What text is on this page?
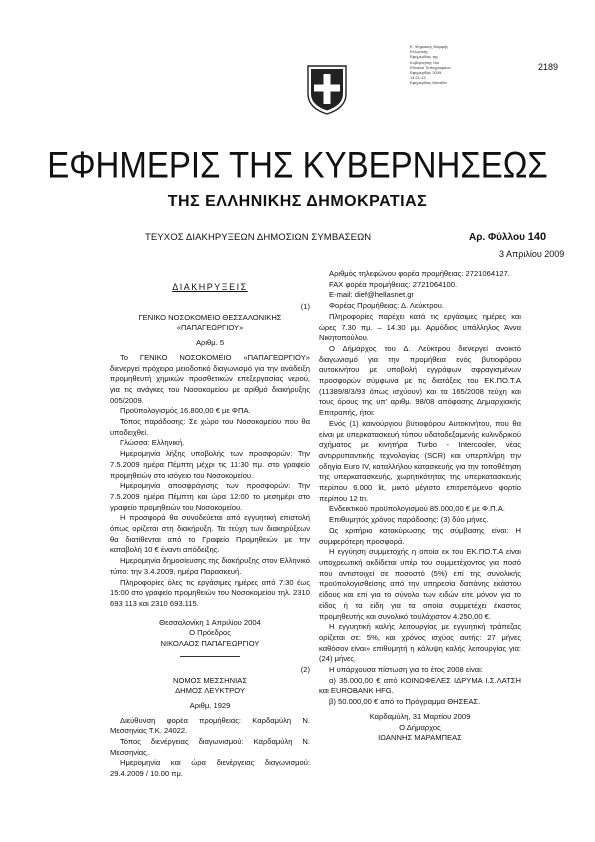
Ε. Ψηφιακής Μορφής
Ελληνικής
Εφημερίδας της
Κυβέρνησης του
Εθνικού Τυπογραφείου
Εφημερίδας 2009-
14:21:13
Εφημερίδας Μονάδα
2189
ΕΦΗΜΕΡΙΣ ΤΗΣ ΚΥΒΕΡΝΗΣΕΩΣ
ΤΗΣ ΕΛΛΗΝΙΚΗΣ ΔΗΜΟΚΡΑΤΙΑΣ
ΤΕΥΧΟΣ ΔΙΑΚΗΡΥΞΕΩΝ ΔΗΜΟΣΙΩΝ ΣΥΜΒΑΣΕΩΝ	Αρ. Φύλλου 140
3 Απριλίου 2009
ΔΙΑΚΗΡΥΞΕΙΣ

(1)

ΓΕΝΙΚΟ ΝΟΣΟΚΟΜΕΙΟ ΘΕΣΣΑΛΟΝΙΚΗΣ

«ΠΑΠΑΓΕΩΡΓΙΟΥ»

Αριθμ. 5

Το ΓΕΝΙΚΟ ΝΟΣΟΚΟΜΕΙΟ «ΠΑΠΑΓΕΩΡΓΙΟΥ» διενεργεί πρόχειρο μειοδοτικό διαγωνισμό για την ανάδειξη προμηθευτή χημικών προσθετικών επεξεργασίας νερού, για τις ανάγκες του Νοσοκομείου με αριθμό διακήρυξης 005/2009.

Προϋπολογισμός 16.800,00 € με ΦΠΑ.

Τόπος παράδοσης: Σε χώρο του Νοσοκομείου που θα υποδειχθεί.

Γλώσσα: Ελληνική.

Ημερομηνία λήξης υποβολής των προσφορών: Την 7.5.2009 ημέρα Πέμπτη μέχρι τις 11:30 πμ. στο γραφείο προμηθειών στο ισόγειο του Νοσοκομείου.

Ημερομηνία αποσφράγισης των προσφορών: Την 7.5.2009 ημέρα Πέμπτη και ώρα 12:00 το μεσημέρι στο γραφείο προμηθειών του Νοσοκομείου.

Η προσφορά θα συνοδεύεται από εγγυητική επιστολή όπως ορίζεται στη διακήρυξη. Τα τεύχη των διακηρύξεων θα διατίθενται από το Γραφείο Προμηθειών με την καταβολή 10 € έναντι απόδειξης.

Ημερομηνία δημοσίευσης της διακήρυξης στον Ελληνικό τύπο: την 3.4.2009, ημέρα Παρασκευή.

Πληροφορίες όλες τις εργάσιμες ημέρες από 7:30 έως 15:00 στο γραφείο προμηθειών του Νοσοκομείου τηλ. 2310 693 113 και 2310 693.115.

Θεσσαλονίκη 1 Απριλίου 2004

Ο Πρόεδρος

ΝΙΚΟΛΑΟΣ ΠΑΠΑΓΕΩΡΓΙΟΥ

(2)

ΝΟΜΟΣ ΜΕΣΣΗΝΙΑΣ

ΔΗΜΟΣ ΛΕΥΚΤΡΟΥ

Αριθμ. 1929

Διεύθυνση φορέα προμήθειας: Καρδαμύλη Ν. Μεσσηνίας Τ.Κ. 24022.

Τόπος διενέργειας διαγωνισμού: Καρδαμύλη Ν. Μεσσηνίας.

Ημερομηνία και ώρα διενέργειας διαγωνισμού: 29.4.2009 / 10.00 πμ.

Αριθμός τηλεφώνου φορέα προμήθειας: 2721064127.

FAX φορέα προμήθειας: 2721064100.

E-mail: dief@hellasnet.gr

Φορέας Προμήθειας: Δ. Λεύκτρου.

Πληροφορίες παρέχει κατά τις εργάσιμες ημέρες και ώρες 7.30 πμ. – 14.30 μμ. Αρμόδιος υπάλληλος Άννα Νικητοπούλου.

Ο Δήμαρχος του Δ. Λεύκτρου διενεργεί ανοικτό διαγωνισμό για την προμήθεια ενός βυτιοφόρου αυτοκινήτου με υποβολή εγγράφων σφραγισμένων προσφορών σύμφωνα με τις διατάξεις του ΕΚ.ΠΟ.Τ.Α (11389/8/3/93 όπως ισχύουν) και τα 165/2008 τεύχη και τους όρους της υπ' αριθμ. 98/08 απόφασης Δημαρχιακής Επιτροπής, ήτοι:

Ενός (1) καινούργιου βυτιοφόρου Αυτοκινήτου, που θα είναι με υπερκατασκευή τύπου υδατοδεξαμενής κυλινδρικού σχήματος με κινητήρα Turbo - Intercooler, νέας αντιρρυπαντικής τεχνολογίας (SCR) και υπερπλήρη την οδηγία Euro IV, καταλλήλου κατασκευής για την τοποθέτηση της υπερκατασκευής, χωρητικότητας της υπερκατασκευής περίπου 6.000 lit, μικτό μέγιστο επιτρεπόμενο φορτίο περίπου 12 tn.

Ενδεικτικού προϋπολογισμού 85.000,00 € με Φ.Π.Α.

Επιθυμητός χρόνος παράδοσης: (3) δύο μήνες.

Ως κριτήριο κατακύρωσης της σύμβασης είναι: Η συμφερότερη προσφορά.

Η εγγύηση συμμετοχής η οποία εκ του ΕΚ.ΠΟ.Τ.Α είναι υποχρεωτική ακδίδεται υπέρ του συμμετέχοντος για ποσό που αντιστοιχεί σε ποσοστό (5%) επί της συνολικής προϋπολογισθείσης από την υπηρεσία δαπάνης εκάστου είδους και επί για το σύνολο των ειδών είτε μόνον για το είδος ή τα είδη για τα οποία συμμετέχει έκαστος προμηθευτής και συνολικό τουλάχιστον 4.250,00 €.

Η εγγυητική καλής λειτουργίας με εγγυητική τράπεζας ορίζεται σε: 5%, και χρόνος ισχύος αυτής: 27 μήνες καθόσον είναι» επιθυμητή η κάλυψη καλής λειτουργίας για: (24) μήνες.

Η υπάρχουσα πίστωση για το έτος 2008 είναι:

α) 35.000,00 € από ΚΟΙΝΩΦΕΛΕΣ ΙΔΡΥΜΑ Ι.Σ.ΛΑΤΣΗ και EUROBANK HFG.

β) 50.000,00 € από το Πρόγραμμα ΘΗΣΕΑΣ.

Καρδαμύλη, 31 Μαρτίου 2009

Ο Δήμαρχος

ΙΩΑΝΝΗΣ ΜΑΡΑΜΠΕΑΣ
